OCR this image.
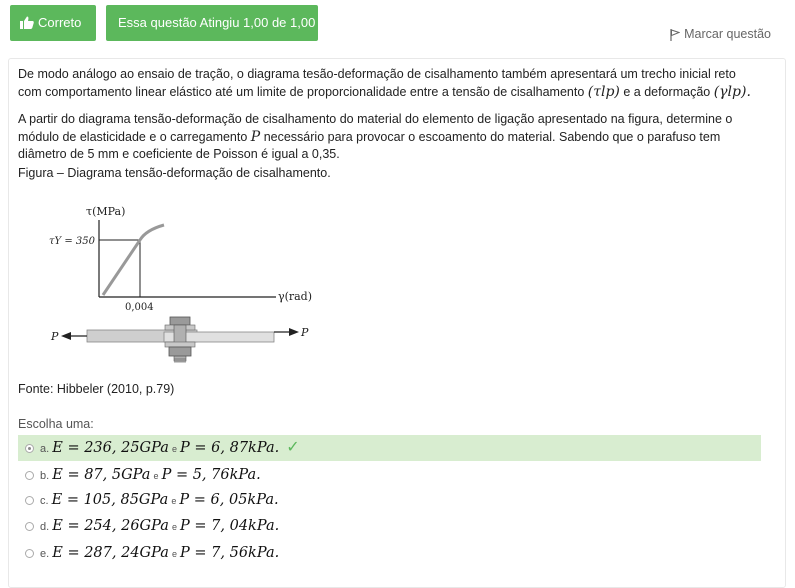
Correto	Essa questão Atingiu 1,00 de 1,00
Marcar questão
De modo análogo ao ensaio de tração, o diagrama tesão-deformação de cisalhamento também apresentará um trecho inicial reto com comportamento linear elástico até um limite de proporcionalidade entre a tensão de cisalhamento (τlp) e a deformação (γlp).
A partir do diagrama tensão-deformação de cisalhamento do material do elemento de ligação apresentado na figura, determine o módulo de elasticidade e o carregamento P necessário para provocar o escoamento do material. Sabendo que o parafuso tem diâmetro de 5 mm e coeficiente de Poisson é igual a 0,35.
Figura – Diagrama tensão-deformação de cisalhamento.
τ(MPa)
γ(rad)
τY = 350
0,004
P	P
Fonte: Hibbeler (2010, p.79)
Escolha uma:
a. E = 236, 25GPa e P = 6, 87kPa. ✓
b. E = 87, 5GPa e P = 5, 76kPa.
c. E = 105, 85GPa e P = 6, 05kPa.
d. E = 254, 26GPa e P = 7, 04kPa.
e. E = 287, 24GPa e P = 7, 56kPa.
